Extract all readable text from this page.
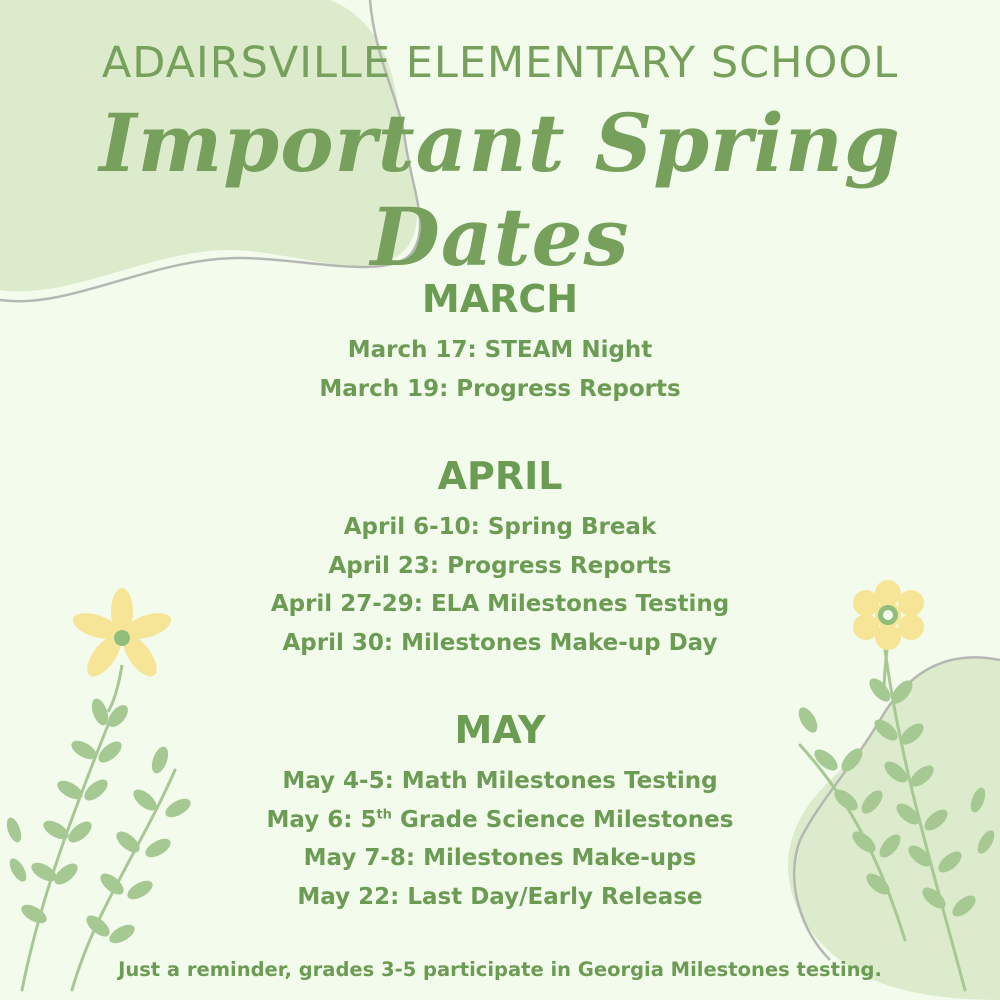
ADAIRSVILLE ELEMENTARY SCHOOL
Important Spring Dates
MARCH
March 17: STEAM Night
March 19: Progress Reports
APRIL
April 6-10: Spring Break
April 23: Progress Reports
April 27-29: ELA Milestones Testing
April 30: Milestones Make-up Day
MAY
May 4-5: Math Milestones Testing
May 6: 5th Grade Science Milestones
May 7-8: Milestones Make-ups
May 22: Last Day/Early Release

Just a reminder, grades 3-5 participate in Georgia Milestones testing.
